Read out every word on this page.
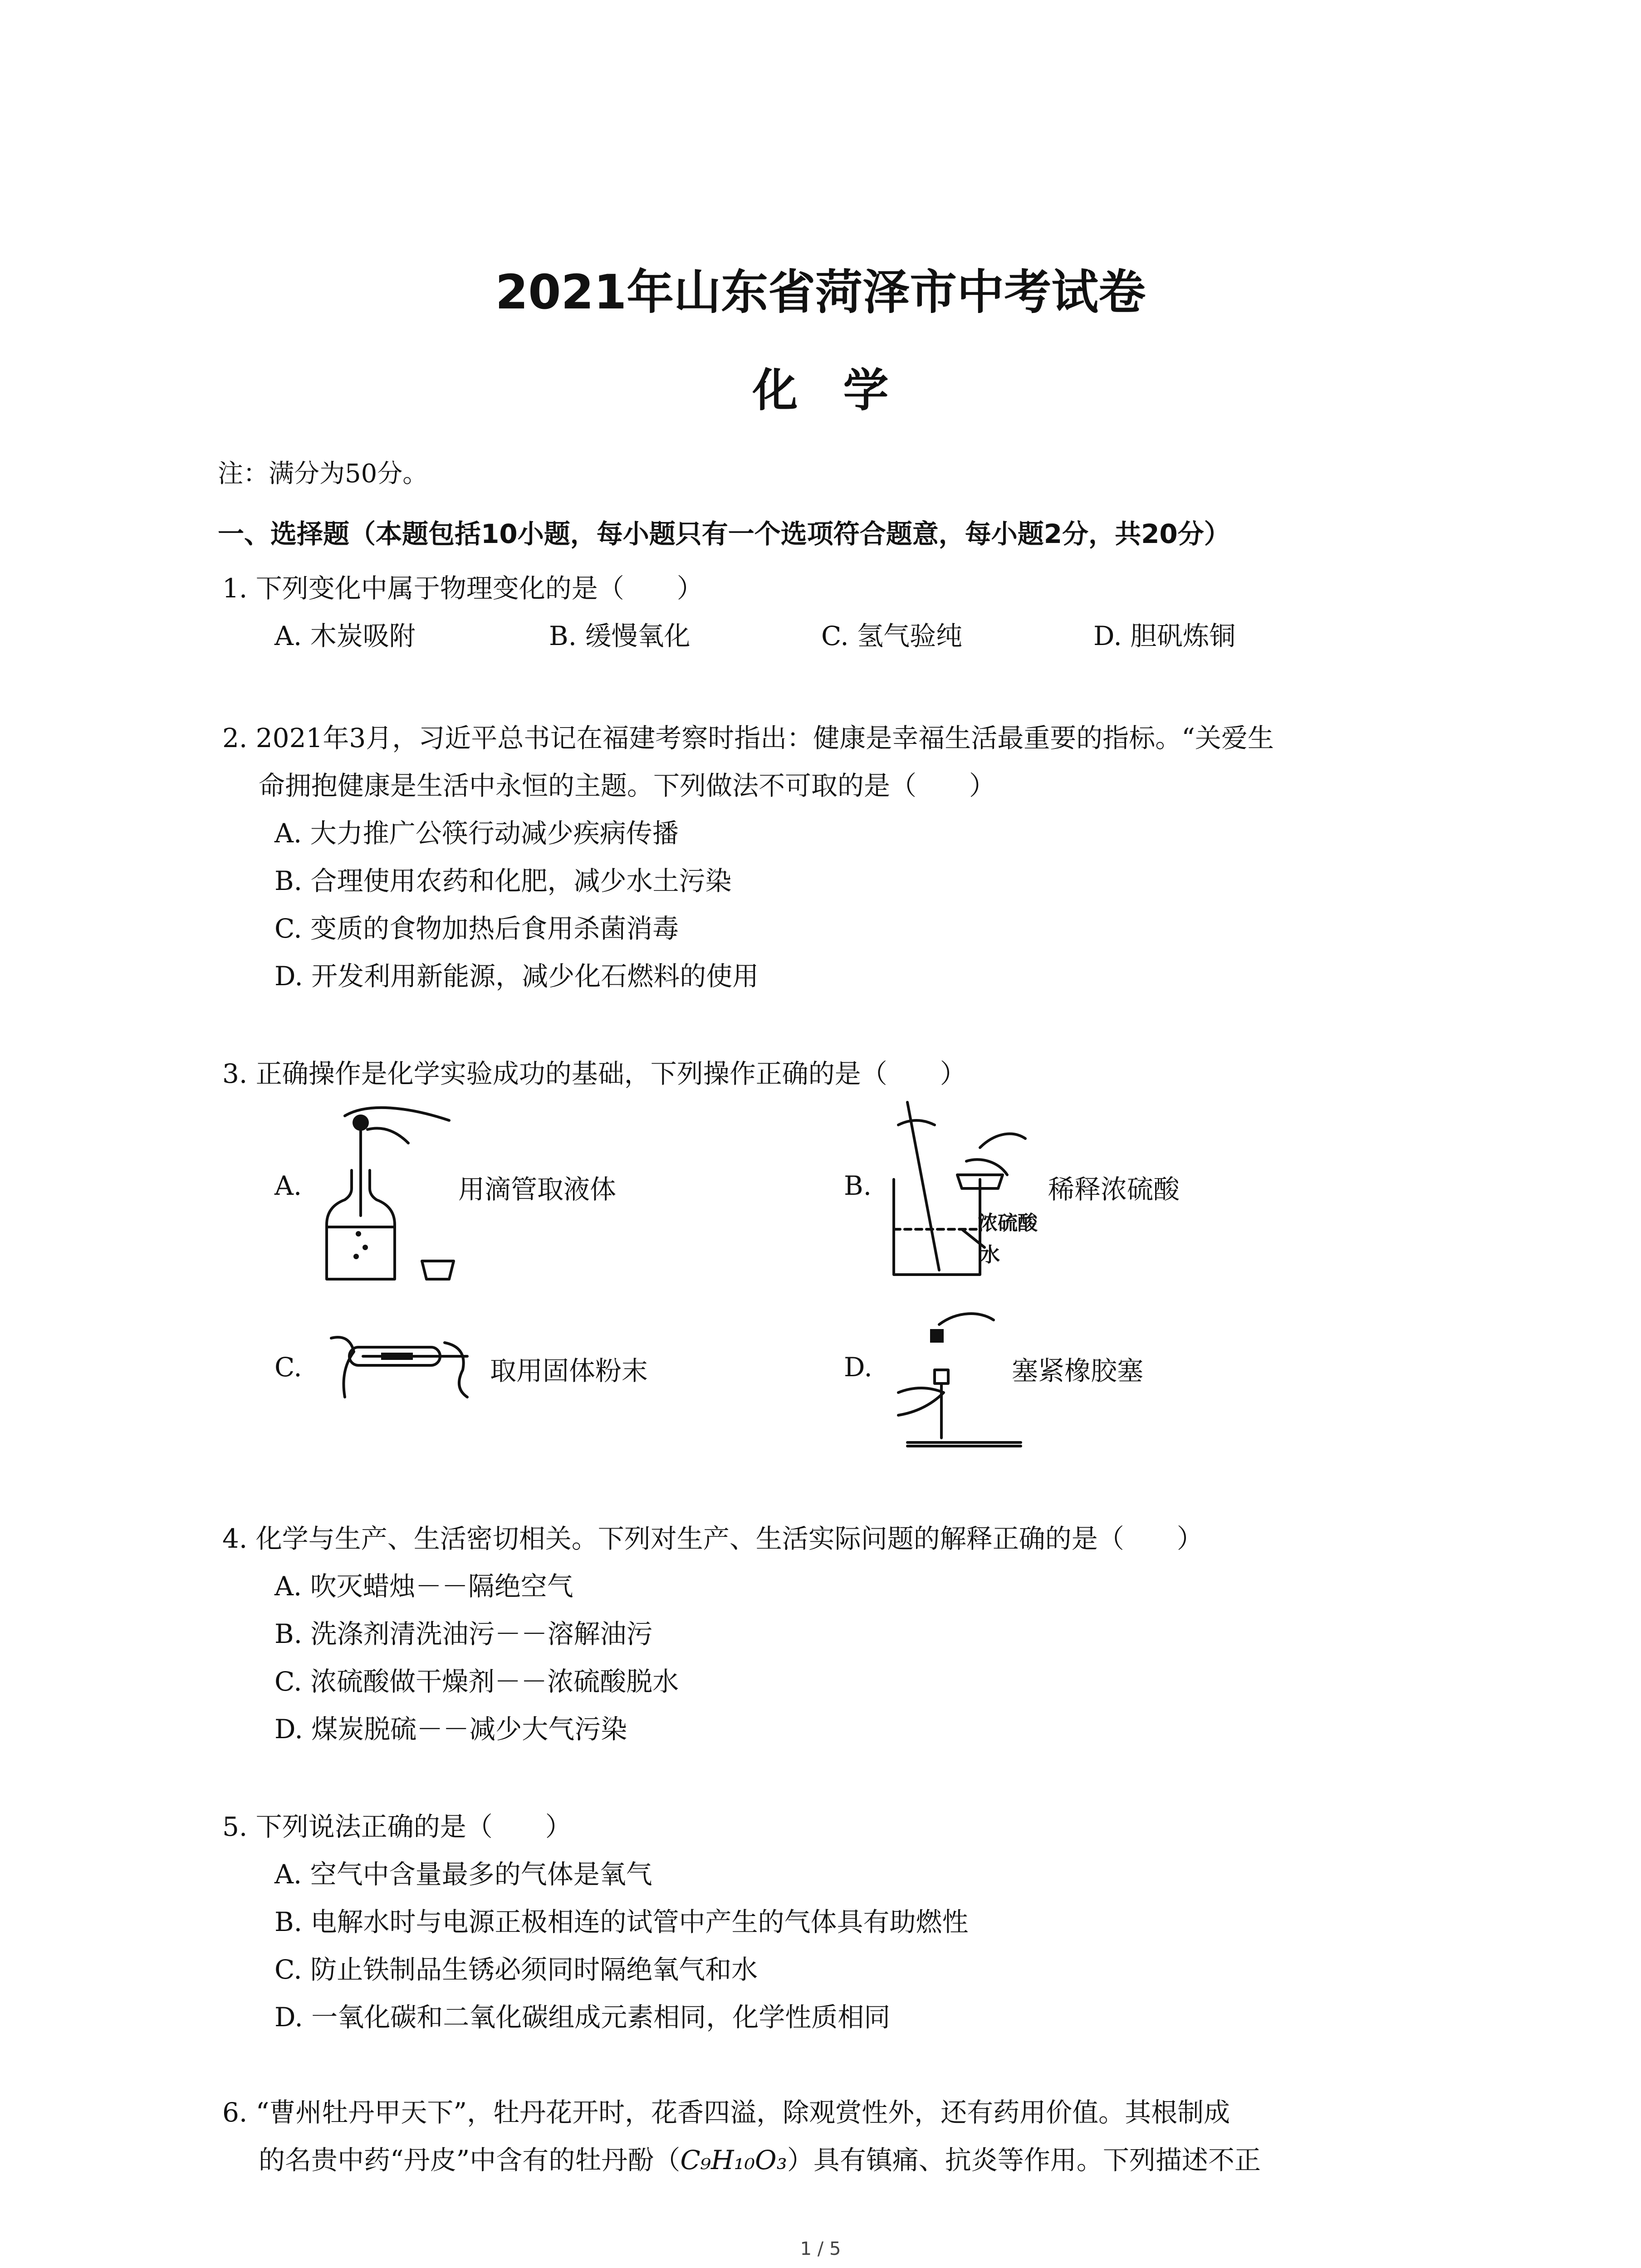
2021年山东省菏泽市中考试卷
化　学
注：满分为50分。
一、选择题（本题包括10小题，每小题只有一个选项符合题意，每小题2分，共20分）
1. 下列变化中属于物理变化的是（　　）
A. 木炭吸附	B. 缓慢氧化	C. 氢气验纯	D. 胆矾炼铜
2. 2021年3月，习近平总书记在福建考察时指出：健康是幸福生活最重要的指标。“关爱生
命拥抱健康是生活中永恒的主题。下列做法不可取的是（　　）
A. 大力推广公筷行动减少疾病传播
B. 合理使用农药和化肥，减少水土污染
C. 变质的食物加热后食用杀菌消毒
D. 开发利用新能源，减少化石燃料的使用
3. 正确操作是化学实验成功的基础，下列操作正确的是（　　）
A.	用滴管取液体	B.
浓硫酸
水
稀释浓硫酸
C.	取用固体粉末	D.	塞紧橡胶塞
4. 化学与生产、生活密切相关。下列对生产、生活实际问题的解释正确的是（　　）
A. 吹灭蜡烛－－隔绝空气
B. 洗涤剂清洗油污－－溶解油污
C. 浓硫酸做干燥剂－－浓硫酸脱水
D. 煤炭脱硫－－减少大气污染
5. 下列说法正确的是（　　）
A. 空气中含量最多的气体是氧气
B. 电解水时与电源正极相连的试管中产生的气体具有助燃性
C. 防止铁制品生锈必须同时隔绝氧气和水
D. 一氧化碳和二氧化碳组成元素相同，化学性质相同
6. “曹州牡丹甲天下”，牡丹花开时，花香四溢，除观赏性外，还有药用价值。其根制成
的名贵中药“丹皮”中含有的牡丹酚（C₉H₁₀O₃）具有镇痛、抗炎等作用。下列描述不正
1 / 5
